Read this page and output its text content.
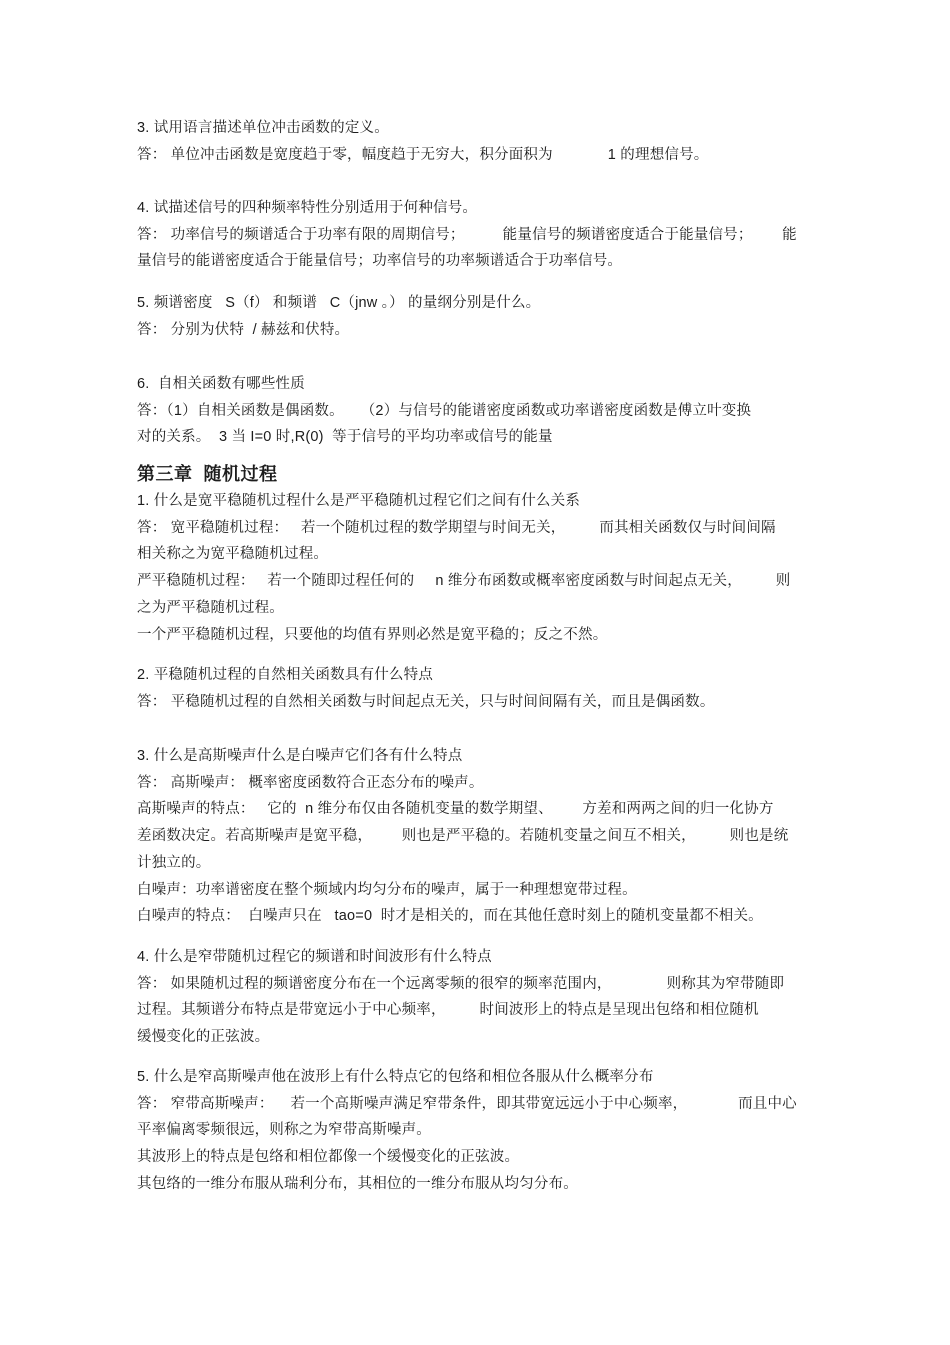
3. 试用语言描述单位冲击函数的定义。
答： 单位冲击函数是宽度趋于零，幅度趋于无穷大，积分面积为             1 的理想信号。
4. 试描述信号的四种频率特性分别适用于何种信号。
答： 功率信号的频谱适合于功率有限的周期信号；         能量信号的频谱密度适合于能量信号；       能
量信号的能谱密度适合于能量信号；功率信号的功率频谱适合于功率信号。
5. 频谱密度   S（f） 和频谱   C（jnw 。） 的量纲分别是什么。
答： 分别为伏特  / 赫兹和伏特。
6.  自相关函数有哪些性质
答：（1）自相关函数是偶函数。    （2）与信号的能谱密度函数或功率谱密度函数是傅立叶变换
对的关系。  3 当 I=0 时,R(0)  等于信号的平均功率或信号的能量
第三章  随机过程
1. 什么是宽平稳随机过程什么是严平稳随机过程它们之间有什么关系
答： 宽平稳随机过程：   若一个随机过程的数学期望与时间无关，        而其相关函数仅与时间间隔
相关称之为宽平稳随机过程。
严平稳随机过程：   若一个随即过程任何的     n 维分布函数或概率密度函数与时间起点无关，        则
之为严平稳随机过程。
一个严平稳随机过程，只要他的均值有界则必然是宽平稳的；反之不然。
2. 平稳随机过程的自然相关函数具有什么特点
答： 平稳随机过程的自然相关函数与时间起点无关，只与时间间隔有关，而且是偶函数。
3. 什么是高斯噪声什么是白噪声它们各有什么特点
答： 高斯噪声： 概率密度函数符合正态分布的噪声。
高斯噪声的特点：   它的  n 维分布仅由各随机变量的数学期望、       方差和两两之间的归一化协方
差函数决定。若高斯噪声是宽平稳，       则也是严平稳的。若随机变量之间互不相关，        则也是统
计独立的。
白噪声：功率谱密度在整个频域内均匀分布的噪声，属于一种理想宽带过程。
白噪声的特点：  白噪声只在   tao=0  时才是相关的，而在其他任意时刻上的随机变量都不相关。
4. 什么是窄带随机过程它的频谱和时间波形有什么特点
答： 如果随机过程的频谱密度分布在一个远离零频的很窄的频率范围内，             则称其为窄带随即
过程。其频谱分布特点是带宽远小于中心频率，        时间波形上的特点是呈现出包络和相位随机
缓慢变化的正弦波。
5. 什么是窄高斯噪声他在波形上有什么特点它的包络和相位各服从什么概率分布
答： 窄带高斯噪声：    若一个高斯噪声满足窄带条件，即其带宽远远小于中心频率，            而且中心
平率偏离零频很远，则称之为窄带高斯噪声。
其波形上的特点是包络和相位都像一个缓慢变化的正弦波。
其包络的一维分布服从瑞利分布，其相位的一维分布服从均匀分布。
